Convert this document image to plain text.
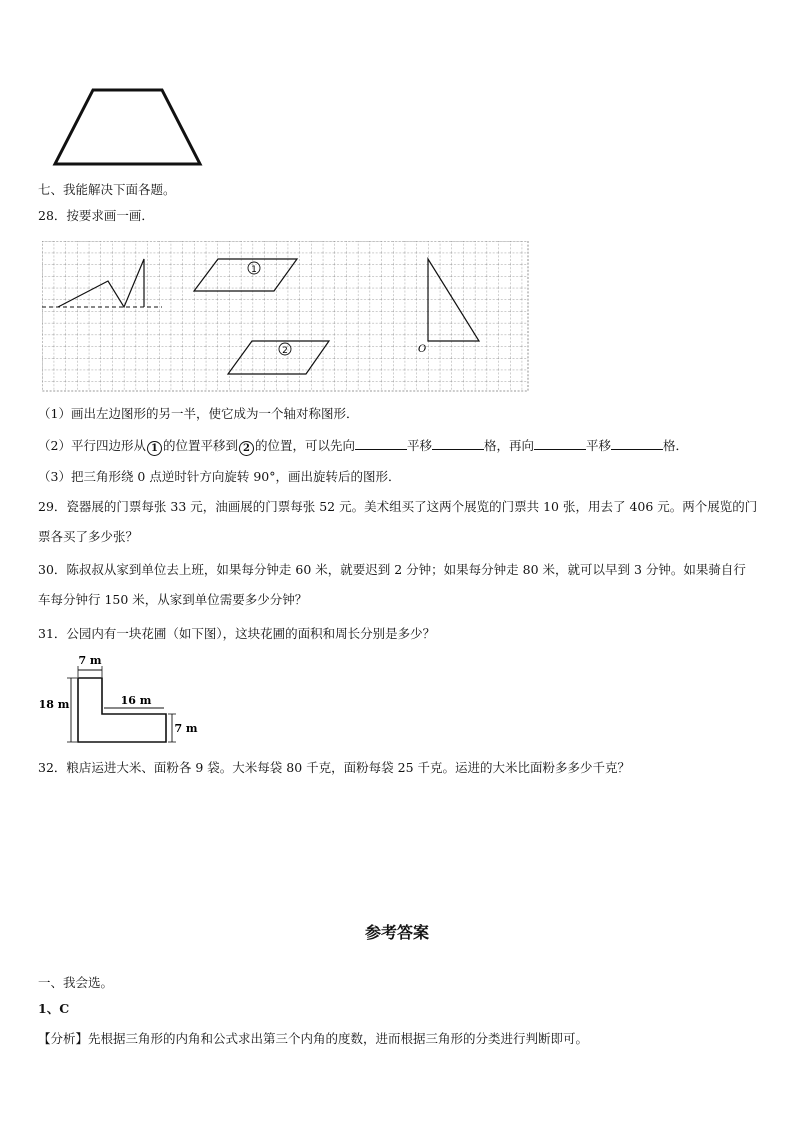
七、我能解决下面各题。
28．按要求画一画．
1
2	O
（1）画出左边图形的另一半，使它成为一个轴对称图形．
（2）平行四边形从 1 的位置平移到 2 的位置，可以先向	平移	格，再向	平移	格．
（3）把三角形绕 0 点逆时针方向旋转 90°，画出旋转后的图形．
29．瓷器展的门票每张 33 元，油画展的门票每张 52 元。美术组买了这两个展览的门票共 10 张，用去了 406 元。两个展览的门票各买了多少张？
30．陈叔叔从家到单位去上班，如果每分钟走 60 米，就要迟到 2 分钟；如果每分钟走 80 米，就可以早到 3 分钟。如果骑自行车每分钟行 150 米，从家到单位需要多少分钟？
31．公园内有一块花圃（如下图），这块花圃的面积和周长分别是多少？
7 m
18 m	16 m
7 m
32．粮店运进大米、面粉各 9 袋。大米每袋 80 千克，面粉每袋 25 千克。运进的大米比面粉多多少千克？
参考答案
一、我会选。
1、C
【分析】先根据三角形的内角和公式求出第三个内角的度数，进而根据三角形的分类进行判断即可。
